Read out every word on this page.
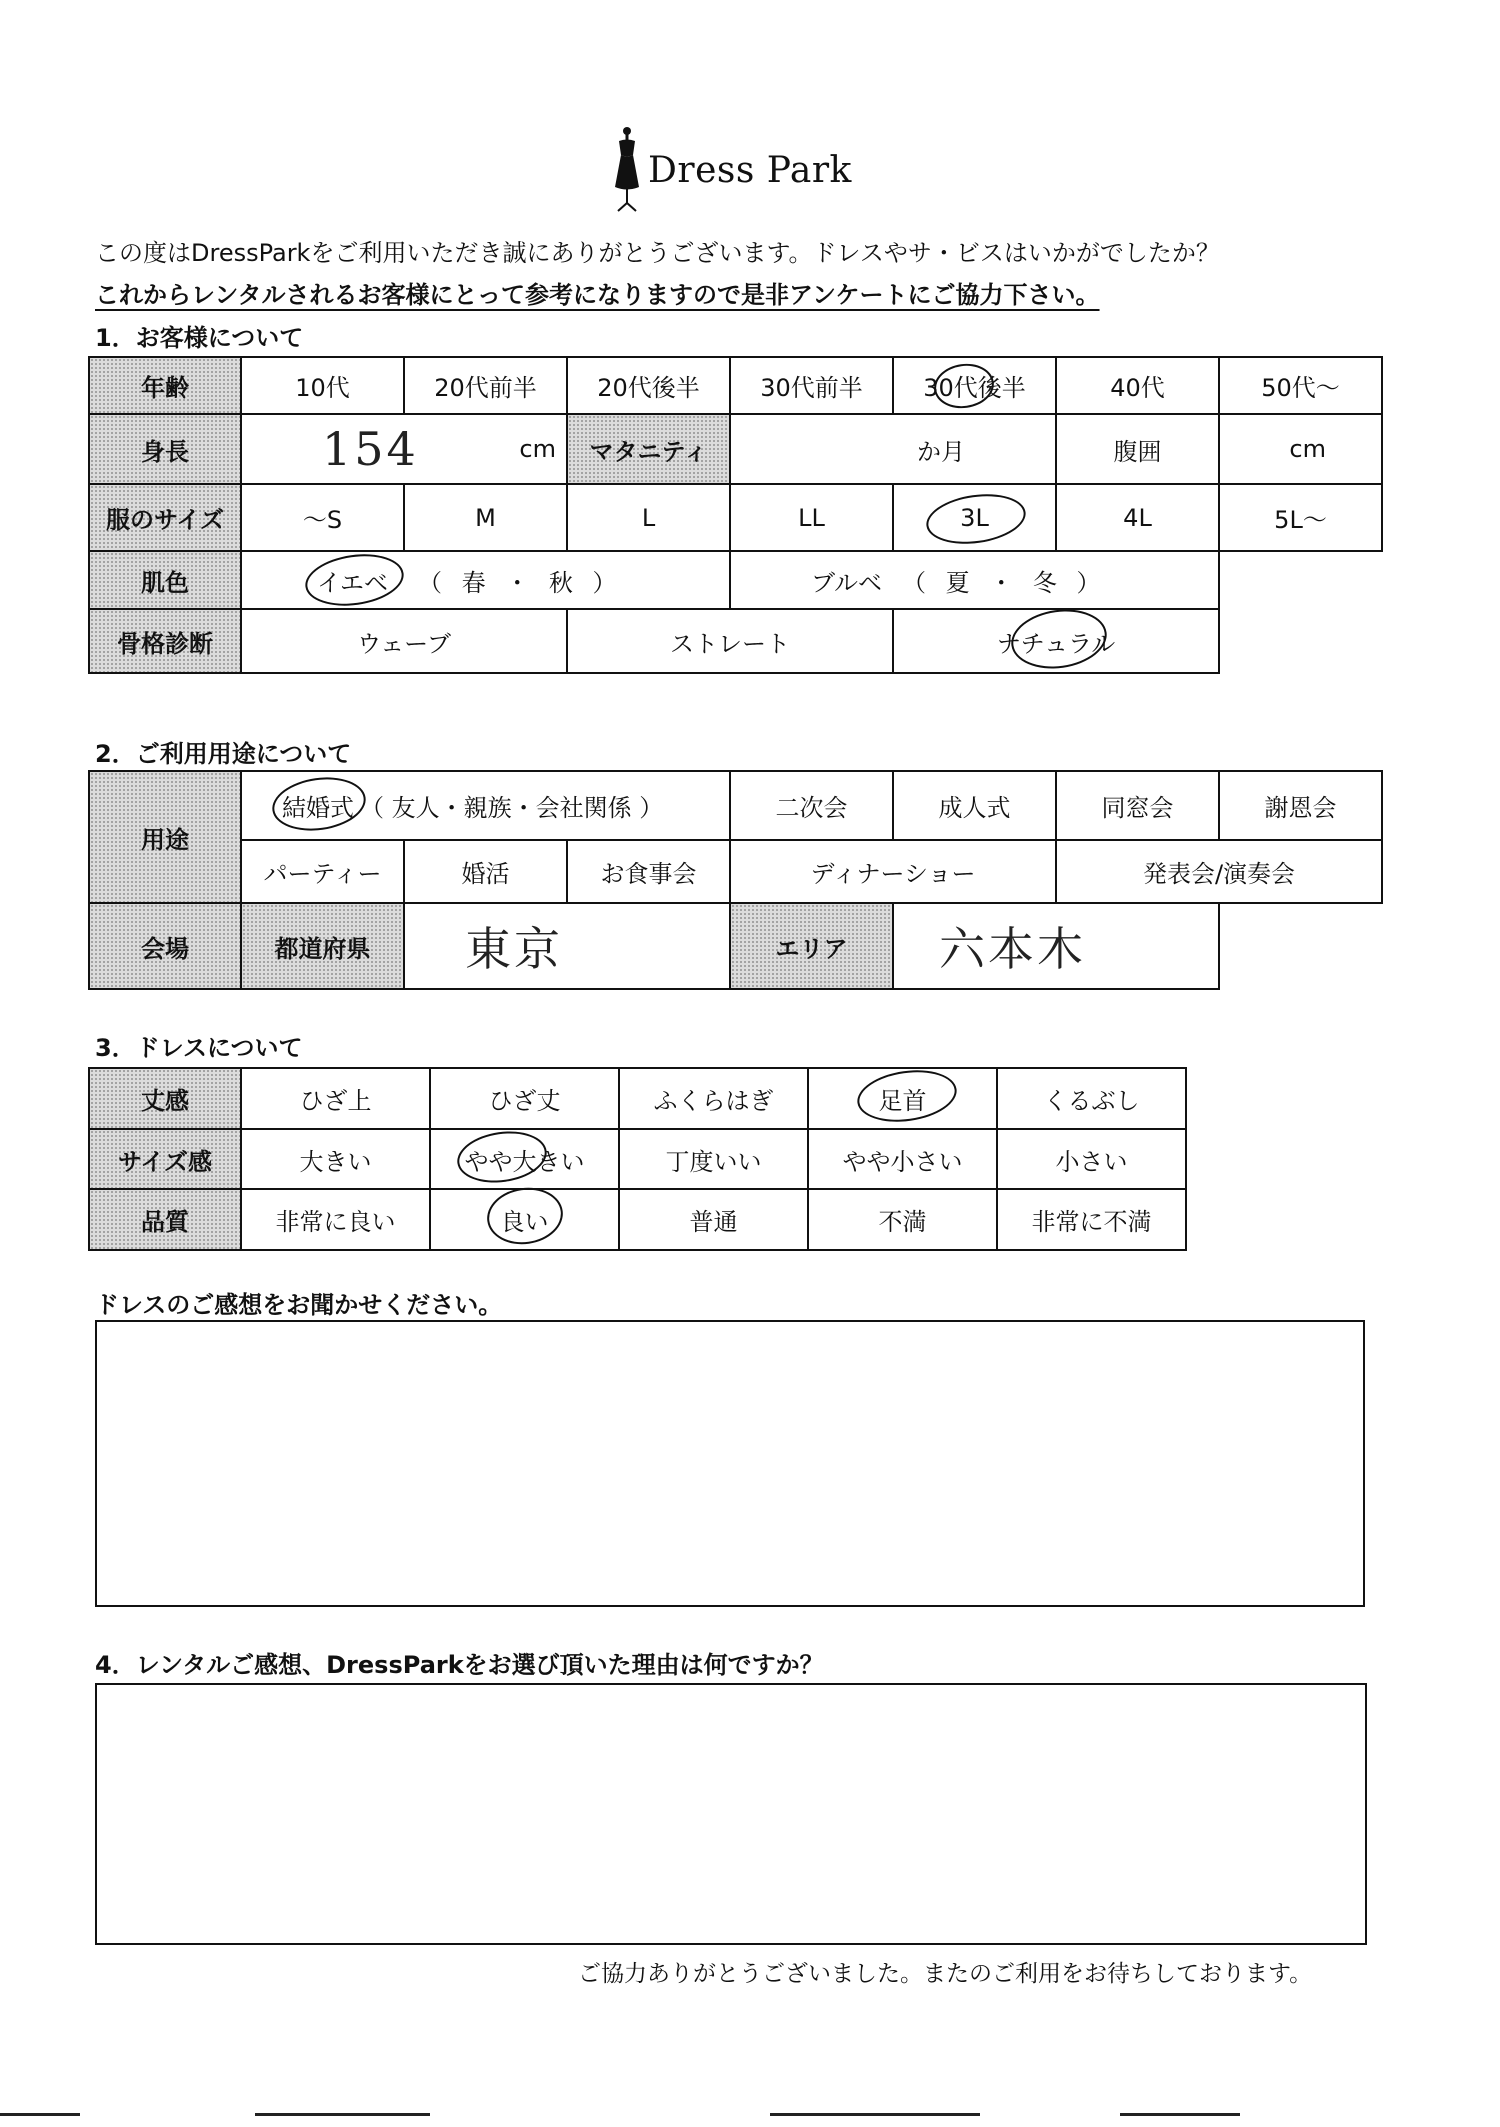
Dress Park
この度はDressParkをご利用いただき誠にありがとうございます。ドレスやサ・ビスはいかがでしたか？
これからレンタルされるお客様にとって参考になりますので是非アンケートにご協力下さい。
1．お客様について
年齢	10代	20代前半	20代後半	30代前半	30代後半	40代	50代～
身長	154	cm	マタニティ	か月	腹囲	cm
服のサイズ	～S	M	L	LL	3L	4L	5L～
肌色	イエベ （ 春 ・ 秋 ）	ブルベ （ 夏 ・ 冬 ）
骨格診断	ウェーブ	ストレート	ナチュラル
2．ご利用用途について
用途
結婚式 （ 友人・親族・会社関係 ）	二次会	成人式	同窓会	謝恩会
パーティー	婚活	お食事会	ディナーショー	発表会/演奏会
会場	都道府県	東京	エリア	六本木
3．ドレスについて
丈感	ひざ上	ひざ丈	ふくらはぎ	足首	くるぶし
サイズ感	大きい	やや大きい	丁度いい	やや小さい	小さい
品質	非常に良い	良い	普通	不満	非常に不満
ドレスのご感想をお聞かせください。
4．レンタルご感想、DressParkをお選び頂いた理由は何ですか？
ご協力ありがとうございました。またのご利用をお待ちしております。
